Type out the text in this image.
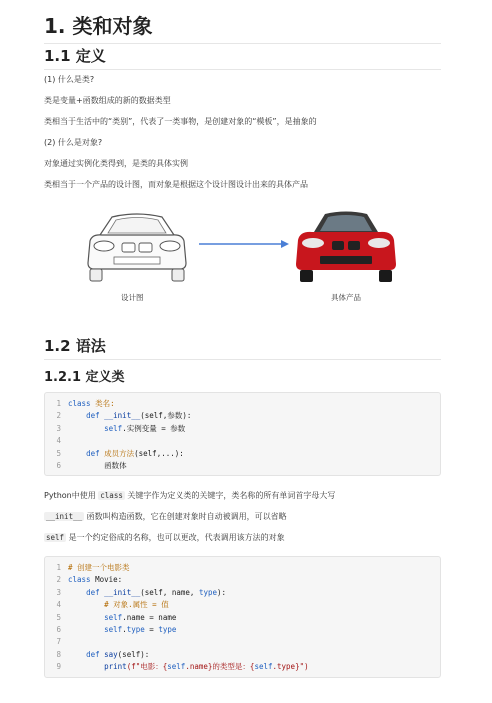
1. 类和对象
1.1 定义

(1) 什么是类?

类是变量+函数组成的新的数据类型

类相当于生活中的“类别”，代表了一类事物，是创建对象的“模板”，是抽象的

(2) 什么是对象?

对象通过实例化类得到，是类的具体实例

类相当于一个产品的设计图，而对象是根据这个设计图设计出来的具体产品

设计图	具体产品
1.2 语法
1.2.1 定义类
1 class 类名:
2	def __init__(self,参数):
3	self.实例变量 = 参数
4
5	def 成员方法(self,...):
6	函数体

Python中使用 class 关键字作为定义类的关键字，类名称的所有单词首字母大写

__init__ 函数叫构造函数，它在创建对象时自动被调用，可以省略

self 是一个约定俗成的名称，也可以更改，代表调用该方法的对象

1 # 创建一个电影类
2 class Movie:
3	def __init__(self, name, type):
4	# 对象.属性 = 值
5	self.name = name
6	self.type = type
7
8	def say(self):
9	print(f"电影：{self.name}的类型是：{self.type}")
